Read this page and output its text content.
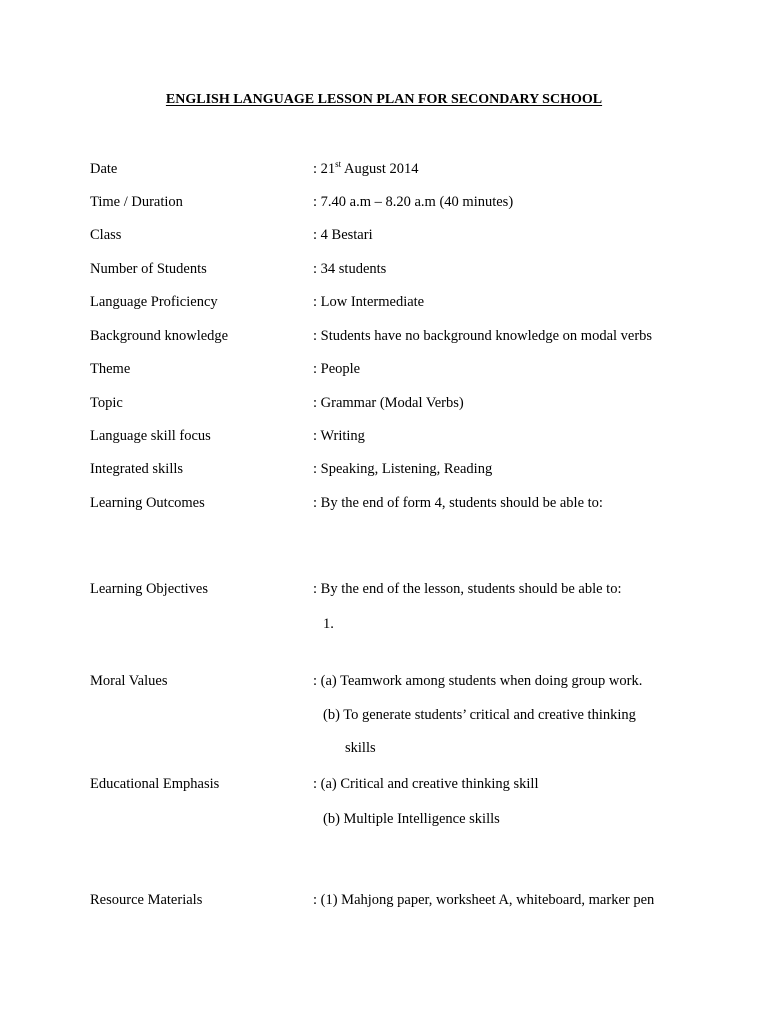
ENGLISH LANGUAGE LESSON PLAN FOR SECONDARY SCHOOL
Date	: 21st August 2014
Time / Duration	: 7.40 a.m – 8.20 a.m (40 minutes)
Class	: 4 Bestari
Number of Students	: 34 students
Language Proficiency	: Low Intermediate
Background knowledge	: Students have no background knowledge on modal verbs
Theme	: People
Topic	: Grammar (Modal Verbs)
Language skill focus	: Writing
Integrated skills	: Speaking, Listening, Reading
Learning Outcomes	: By the end of form 4, students should be able to:
Learning Objectives	: By the end of the lesson, students should be able to:
1.
Moral Values	: (a) Teamwork among students when doing group work.
(b) To generate students’ critical and creative thinking
skills
Educational Emphasis	: (a) Critical and creative thinking skill
(b) Multiple Intelligence skills
Resource Materials	: (1) Mahjong paper, worksheet A, whiteboard, marker pen
